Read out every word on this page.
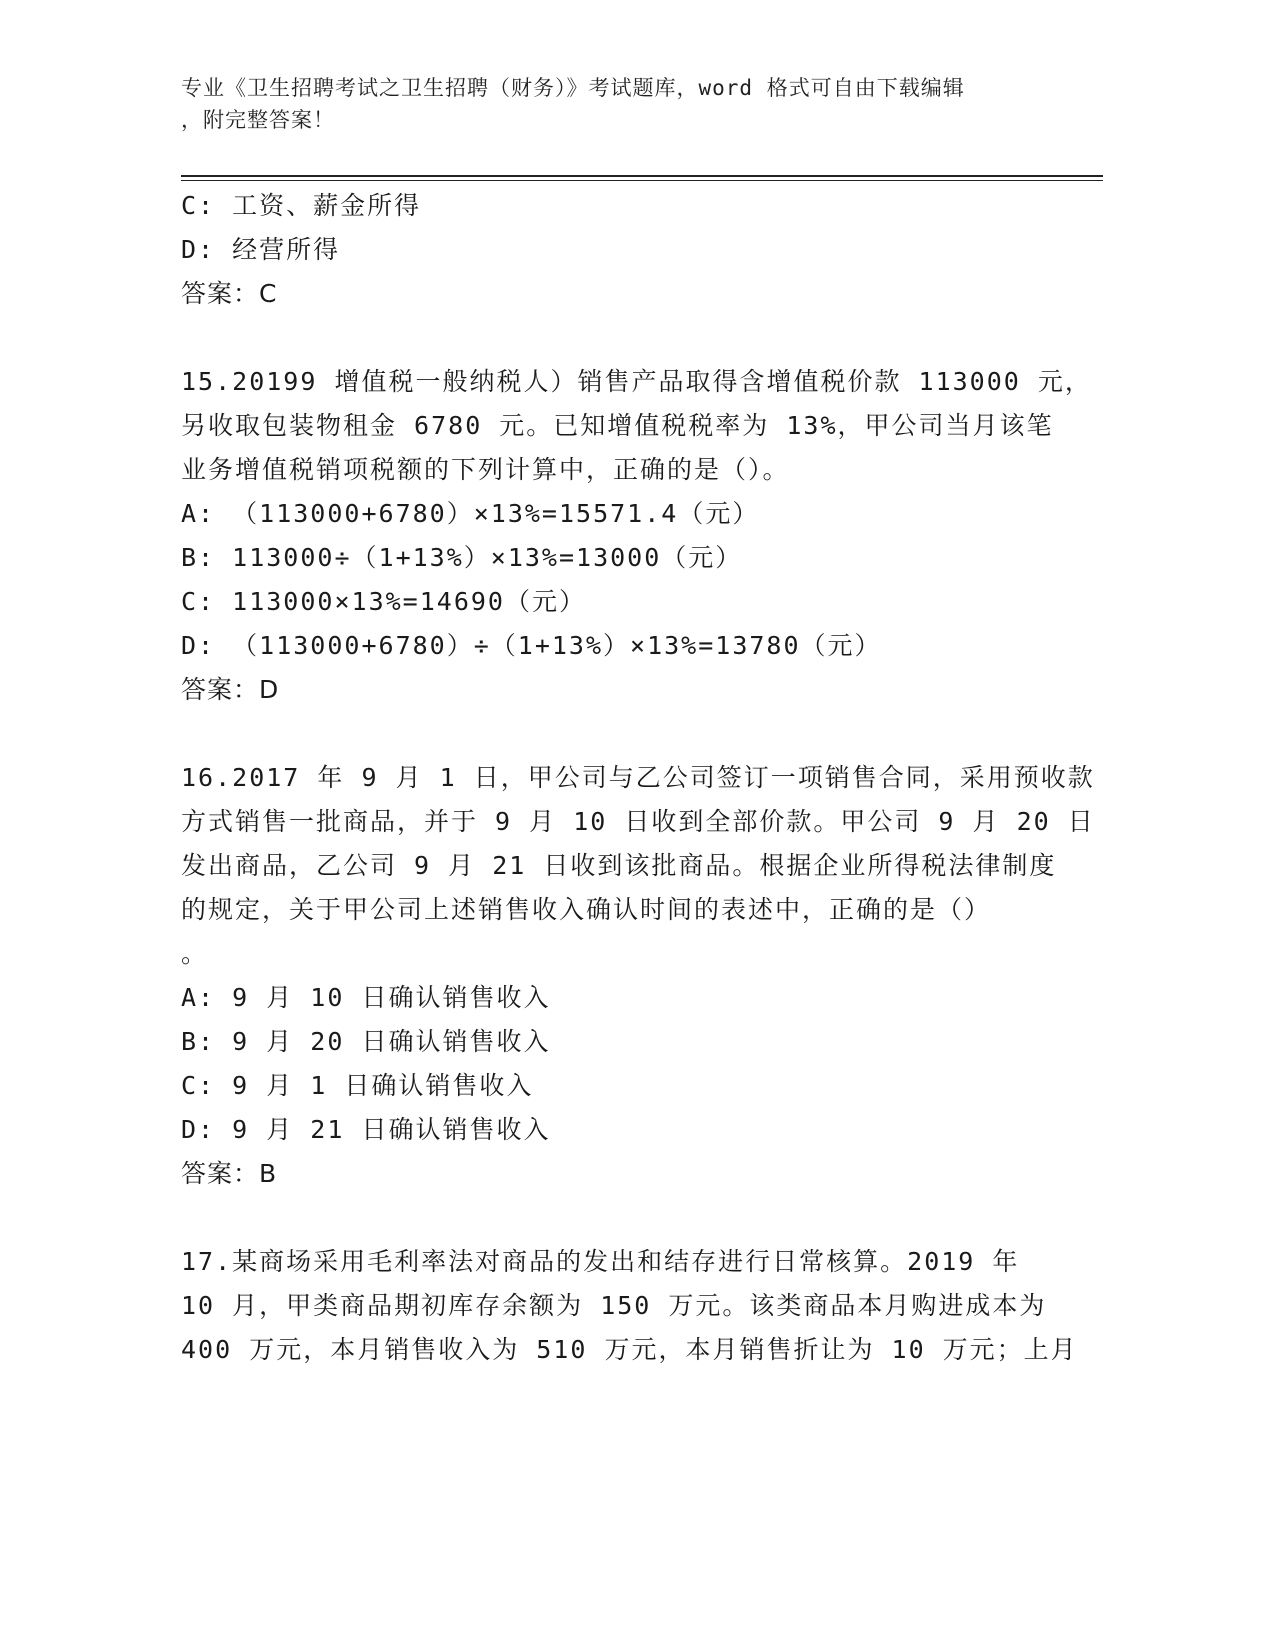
专业《卫生招聘考试之卫生招聘（财务）》考试题库，word 格式可自由下载编辑
，附完整答案！
C: 工资、薪金所得
D: 经营所得
答案：C
15.20199 增值税一般纳税人）销售产品取得含增值税价款 113000 元，
另收取包装物租金 6780 元。已知增值税税率为 13%，甲公司当月该笔
业务增值税销项税额的下列计算中，正确的是（）。
A: （113000+6780）×13%=15571.4（元）
B: 113000÷（1+13%）×13%=13000（元）
C: 113000×13%=14690（元）
D: （113000+6780）÷（1+13%）×13%=13780（元）
答案：D
16.2017 年 9 月 1 日，甲公司与乙公司签订一项销售合同，采用预收款
方式销售一批商品，并于 9 月 10 日收到全部价款。甲公司 9 月 20 日
发出商品，乙公司 9 月 21 日收到该批商品。根据企业所得税法律制度
的规定，关于甲公司上述销售收入确认时间的表述中，正确的是（）
。
A: 9 月 10 日确认销售收入
B: 9 月 20 日确认销售收入
C: 9 月 1 日确认销售收入
D: 9 月 21 日确认销售收入
答案：B
17.某商场采用毛利率法对商品的发出和结存进行日常核算。2019 年
10 月，甲类商品期初库存余额为 150 万元。该类商品本月购进成本为
400 万元，本月销售收入为 510 万元，本月销售折让为 10 万元；上月
